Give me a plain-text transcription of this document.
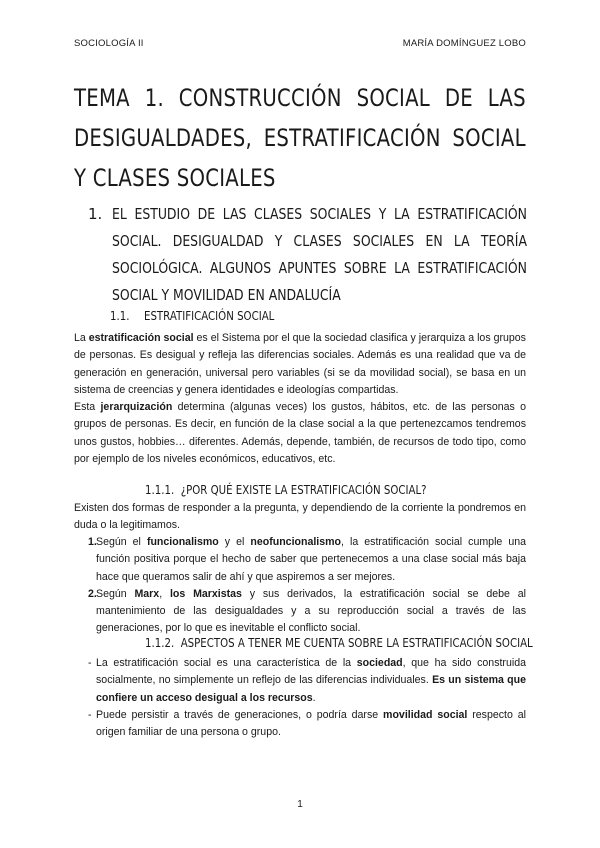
SOCIOLOGÍA II	MARÍA DOMÍNGUEZ LOBO
TEMA 1. CONSTRUCCIÓN SOCIAL DE LAS DESIGUALDADES, ESTRATIFICACIÓN SOCIAL Y CLASES SOCIALES
1. EL ESTUDIO DE LAS CLASES SOCIALES Y LA ESTRATIFICACIÓN SOCIAL. DESIGUALDAD Y CLASES SOCIALES EN LA TEORÍA SOCIOLÓGICA. ALGUNOS APUNTES SOBRE LA ESTRATIFICACIÓN SOCIAL Y MOVILIDAD EN ANDALUCÍA
1.1. ESTRATIFICACIÓN SOCIAL

La estratificación social es el Sistema por el que la sociedad clasifica y jerarquiza a los grupos de personas. Es desigual y refleja las diferencias sociales. Además es una realidad que va de generación en generación, universal pero variables (si se da movilidad social), se basa en un sistema de creencias y genera identidades e ideologías compartidas.

Esta jerarquización determina (algunas veces) los gustos, hábitos, etc. de las personas o grupos de personas. Es decir, en función de la clase social a la que pertenezcamos tendremos unos gustos, hobbies… diferentes. Además, depende, también, de recursos de todo tipo, como por ejemplo de los niveles económicos, educativos, etc.

1.1.1. ¿POR QUÉ EXISTE LA ESTRATIFICACIÓN SOCIAL?

Existen dos formas de responder a la pregunta, y dependiendo de la corriente la pondremos en duda o la legitimamos.

1. Según el funcionalismo y el neofuncionalismo, la estratificación social cumple una función positiva porque el hecho de saber que pertenecemos a una clase social más baja hace que queramos salir de ahí y que aspiremos a ser mejores.

2. Según Marx, los Marxistas y sus derivados, la estratificación social se debe al mantenimiento de las desigualdades y a su reproducción social a través de las generaciones, por lo que es inevitable el conflicto social.

1.1.2. ASPECTOS A TENER ME CUENTA SOBRE LA ESTRATIFICACIÓN SOCIAL

- La estratificación social es una característica de la sociedad, que ha sido construida socialmente, no simplemente un reflejo de las diferencias individuales. Es un sistema que confiere un acceso desigual a los recursos.

- Puede persistir a través de generaciones, o podría darse movilidad social respecto al origen familiar de una persona o grupo.

1
